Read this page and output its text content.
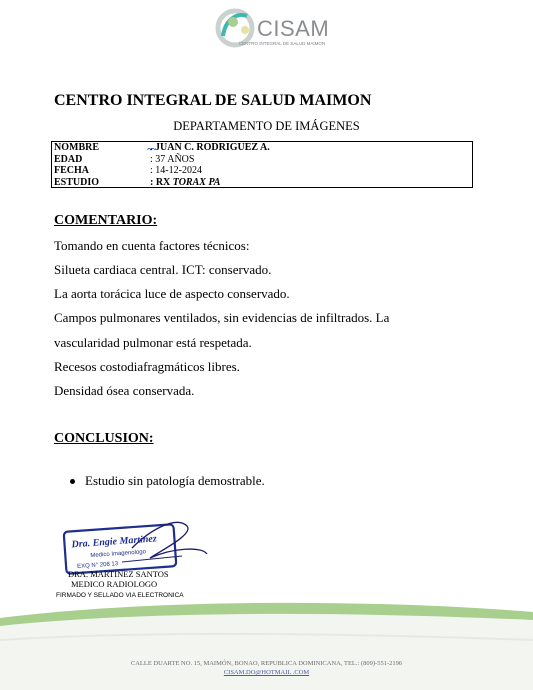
CISAM
CENTRO INTEGRAL DE SALUD MAIMON
CENTRO INTEGRAL DE SALUD MAIMON
DEPARTAMENTO DE IMÁGENES
NOMBRE	. JUAN C. RODRIGUEZ A.
EDAD	: 37 AÑOS
FECHA	: 14-12-2024
ESTUDIO	: RX TORAX PA
COMENTARIO:
Tomando en cuenta factores técnicos:
Silueta cardiaca central. ICT: conservado.
La aorta torácica luce de aspecto conservado.
Campos pulmonares ventilados, sin evidencias de infiltrados. La
vascularidad pulmonar está respetada.
Recesos costodiafragmáticos libres.
Densidad ósea conservada.
CONCLUSION:
Estudio sin patología demostrable.
Dra. Engie Martinez
Medico Imagenologo
EXQ N° 208 13
DRA. MARTINEZ SANTOS
MEDICO RADIOLOGO
FIRMADO Y SELLADO VIA ELECTRONICA
CALLE DUARTE NO. 15, MAIMÓN, BONAO, REPUBLICA DOMINICANA, TEL.: (809)-551-2196
CISAM.DO@HOTMAIL .COM
